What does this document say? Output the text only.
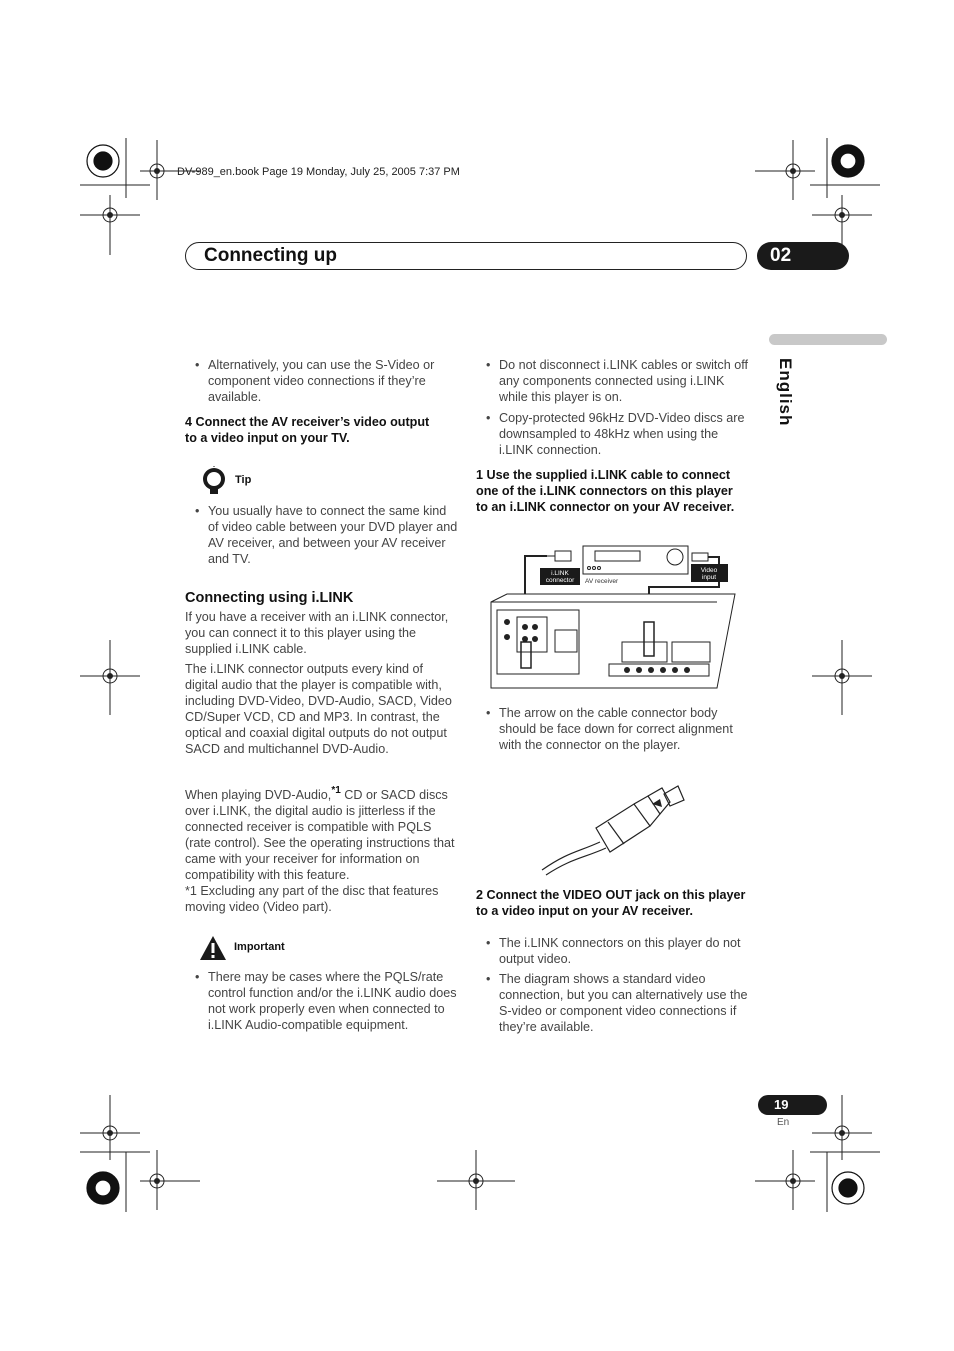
DV-989_en.book Page 19 Monday, July 25, 2005 7:37 PM
Connecting up	02
English
• Alternatively, you can use the S-Video or component video connections if they’re available.
4 Connect the AV receiver’s video output to a video input on your TV.
Tip
• You usually have to connect the same kind of video cable between your DVD player and AV receiver, and between your AV receiver and TV.
Connecting using i.LINK
If you have a receiver with an i.LINK connector, you can connect it to this player using the supplied i.LINK cable.
The i.LINK connector outputs every kind of digital audio that the player is compatible with, including DVD-Video, DVD-Audio, SACD, Video CD/Super VCD, CD and MP3. In contrast, the optical and coaxial digital outputs do not output SACD and multichannel DVD-Audio.
When playing DVD-Audio,$^{*1}$ CD or SACD discs over i.LINK, the digital audio is jitterless if the connected receiver is compatible with PQLS (rate control). See the operating instructions that came with your receiver for information on compatibility with this feature.
*1 Excluding any part of the disc that features moving video (Video part).
Important
• There may be cases where the PQLS/rate control function and/or the i.LINK audio does not work properly even when connected to i.LINK Audio-compatible equipment.
• Do not disconnect i.LINK cables or switch off any components connected using i.LINK while this player is on.
• Copy-protected 96kHz DVD-Video discs are downsampled to 48kHz when using the i.LINK connection.
1 Use the supplied i.LINK cable to connect one of the i.LINK connectors on this player to an i.LINK connector on your AV receiver.
i.LINK
connector AV receiver
Video
input
• The arrow on the cable connector body should be face down for correct alignment with the connector on the player.
2 Connect the VIDEO OUT jack on this player to a video input on your AV receiver.
• The i.LINK connectors on this player do not output video.
• The diagram shows a standard video connection, but you can alternatively use the S-video or component video connections if they’re available.
19
En
